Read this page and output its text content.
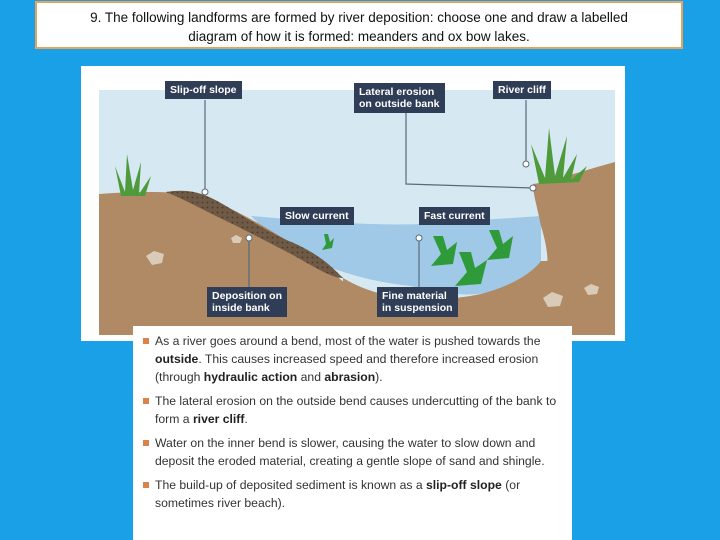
9. The following landforms are formed by river deposition: choose one and draw a labelled
diagram of how it is formed: meanders and ox bow lakes.
Slip-off slope	Lateral erosion
on outside bank
River cliff
Slow current	Fast current
Deposition on
inside bank
Fine material
in suspension
As a river goes around a bend, most of the water is pushed towards the outside. This causes increased speed and therefore increased erosion (through hydraulic action and abrasion).
The lateral erosion on the outside bend causes undercutting of the bank to form a river cliff.
Water on the inner bend is slower, causing the water to slow down and deposit the eroded material, creating a gentle slope of sand and shingle.
The build-up of deposited sediment is known as a slip-off slope (or sometimes river beach).
